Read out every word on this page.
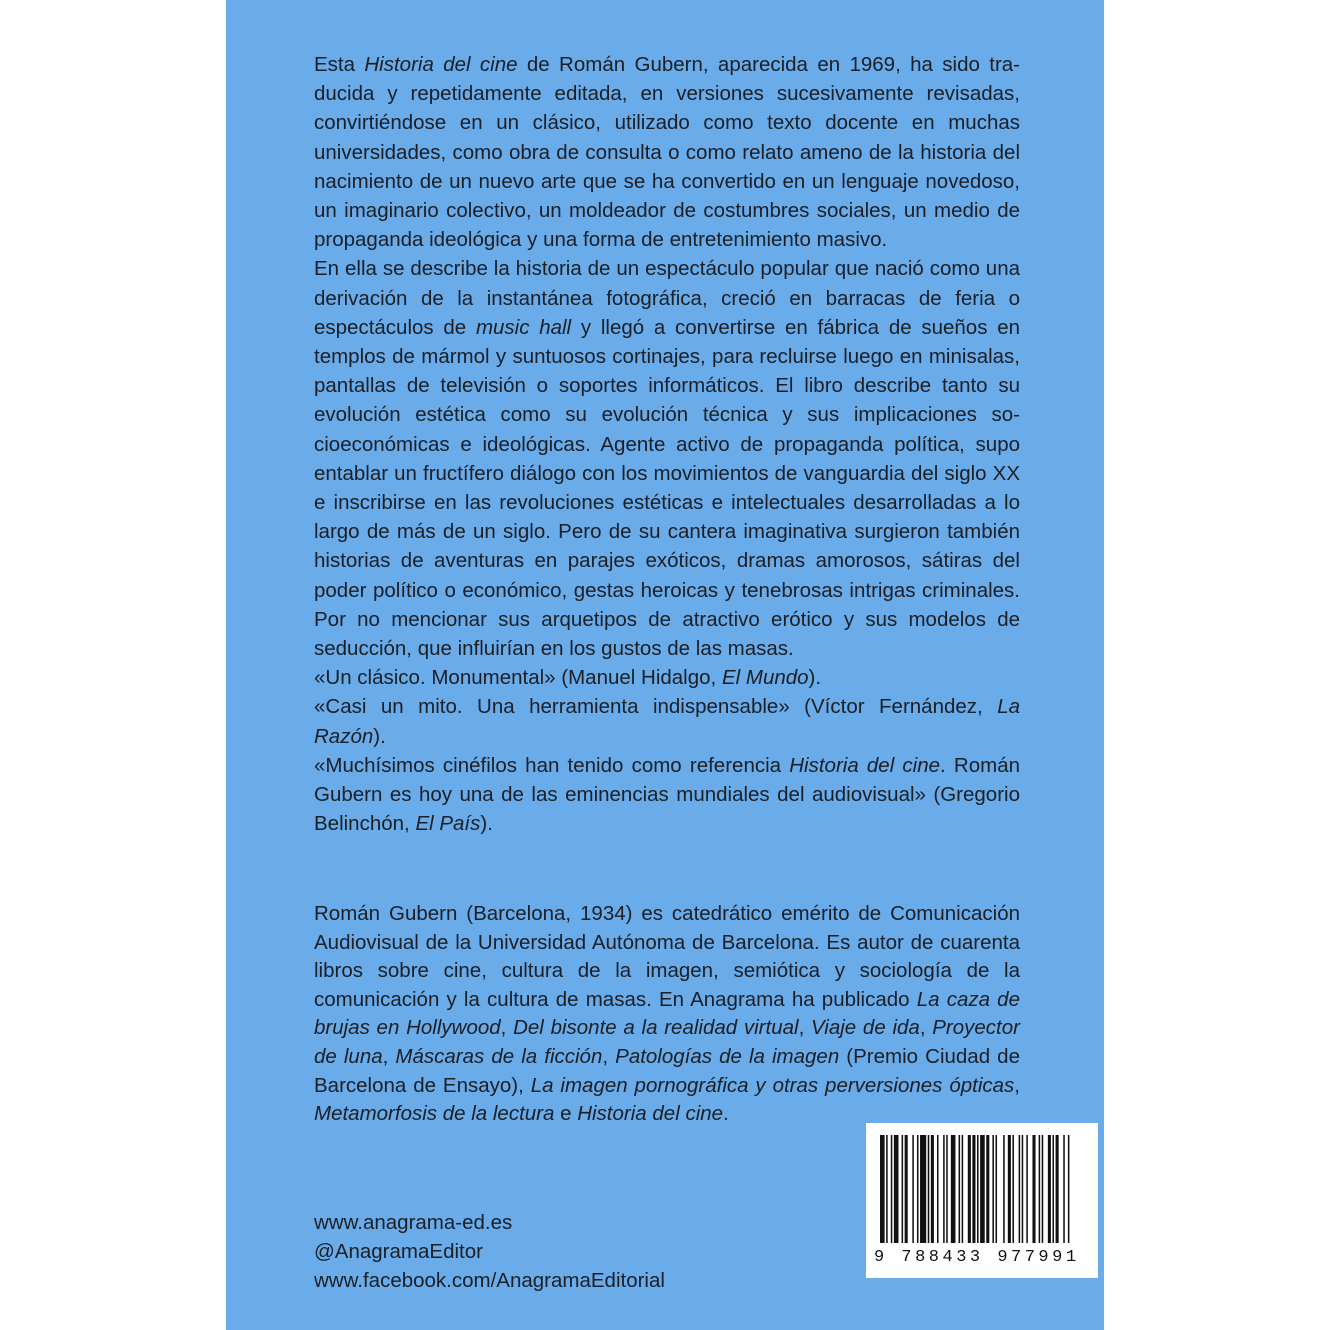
Esta Historia del cine de Román Gubern, aparecida en 1969, ha sido traducida y repetidamente editada, en versiones sucesivamente revisadas, convirtiéndose en un clásico, utilizado como texto docente en muchas universidades, como obra de consulta o como relato ameno de la historia del nacimiento de un nuevo arte que se ha convertido en un lenguaje novedoso, un imaginario colectivo, un moldeador de costumbres sociales, un medio de propaganda ideológica y una forma de entretenimiento masivo.

En ella se describe la historia de un espectáculo popular que nació como una derivación de la instantánea fotográfica, creció en barracas de feria o espectáculos de music hall y llegó a convertirse en fábrica de sueños en templos de mármol y suntuosos cortinajes, para recluirse luego en minisalas, pantallas de televisión o soportes informáticos. El libro describe tanto su evolución estética como su evolución técnica y sus implicaciones socioeconómicas e ideológicas. Agente activo de propaganda política, supo entablar un fructífero diálogo con los movimientos de vanguardia del siglo XX e inscribirse en las revoluciones estéticas e intelectuales desarrolladas a lo largo de más de un siglo. Pero de su cantera imaginativa surgieron también historias de aventuras en parajes exóticos, dramas amorosos, sátiras del poder político o económico, gestas heroicas y tenebrosas intrigas criminales. Por no mencionar sus arquetipos de atractivo erótico y sus modelos de seducción, que influirían en los gustos de las masas.

«Un clásico. Monumental» (Manuel Hidalgo, El Mundo).

«Casi un mito. Una herramienta indispensable» (Víctor Fernández, La Razón).

«Muchísimos cinéfilos han tenido como referencia Historia del cine. Román Gubern es hoy una de las eminencias mundiales del audiovisual» (Gregorio Belinchón, El País).

Román Gubern (Barcelona, 1934) es catedrático emérito de Comunicación Audiovisual de la Universidad Autónoma de Barcelona. Es autor de cuarenta libros sobre cine, cultura de la imagen, semiótica y sociología de la comunicación y la cultura de masas. En Anagrama ha publicado La caza de brujas en Hollywood, Del bisonte a la realidad virtual, Viaje de ida, Proyector de luna, Máscaras de la ficción, Patologías de la imagen (Premio Ciudad de Barcelona de Ensayo), La imagen pornográfica y otras perversiones ópticas, Metamorfosis de la lectura e Historia del cine.

www.anagrama-ed.es
@AnagramaEditor
www.facebook.com/AnagramaEditorial
9 788433 977991
